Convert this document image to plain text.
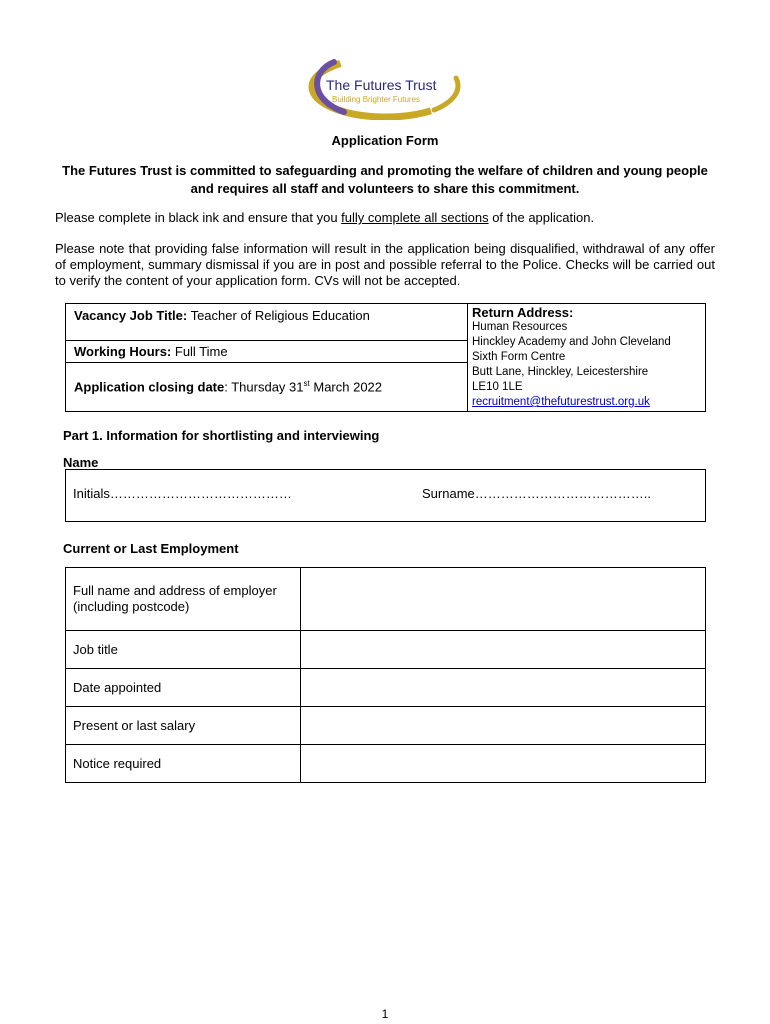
The Futures Trust
Building Brighter Futures
Application Form
The Futures Trust is committed to safeguarding and promoting the welfare of children and young people and requires all staff and volunteers to share this commitment.
Please complete in black ink and ensure that you fully complete all sections of the application.
Please note that providing false information will result in the application being disqualified, withdrawal of any offer of employment, summary dismissal if you are in post and possible referral to the Police. Checks will be carried out to verify the content of your application form. CVs will not be accepted.
Vacancy Job Title: Teacher of Religious Education	Return Address:
Human Resources
Hinckley Academy and John Cleveland
Sixth Form Centre
Butt Lane, Hinckley, Leicestershire
LE10 1LE
recruitment@thefuturestrust.org.uk

Working Hours: Full Time
Application closing date: Thursday 31st March 2022
Part 1. Information for shortlisting and interviewing
Name
Initials……………………………………	Surname…………………………………..
Current or Last Employment
Full name and address of employer (including postcode)	
Job title	
Date appointed	
Present or last salary	
Notice required	
1
